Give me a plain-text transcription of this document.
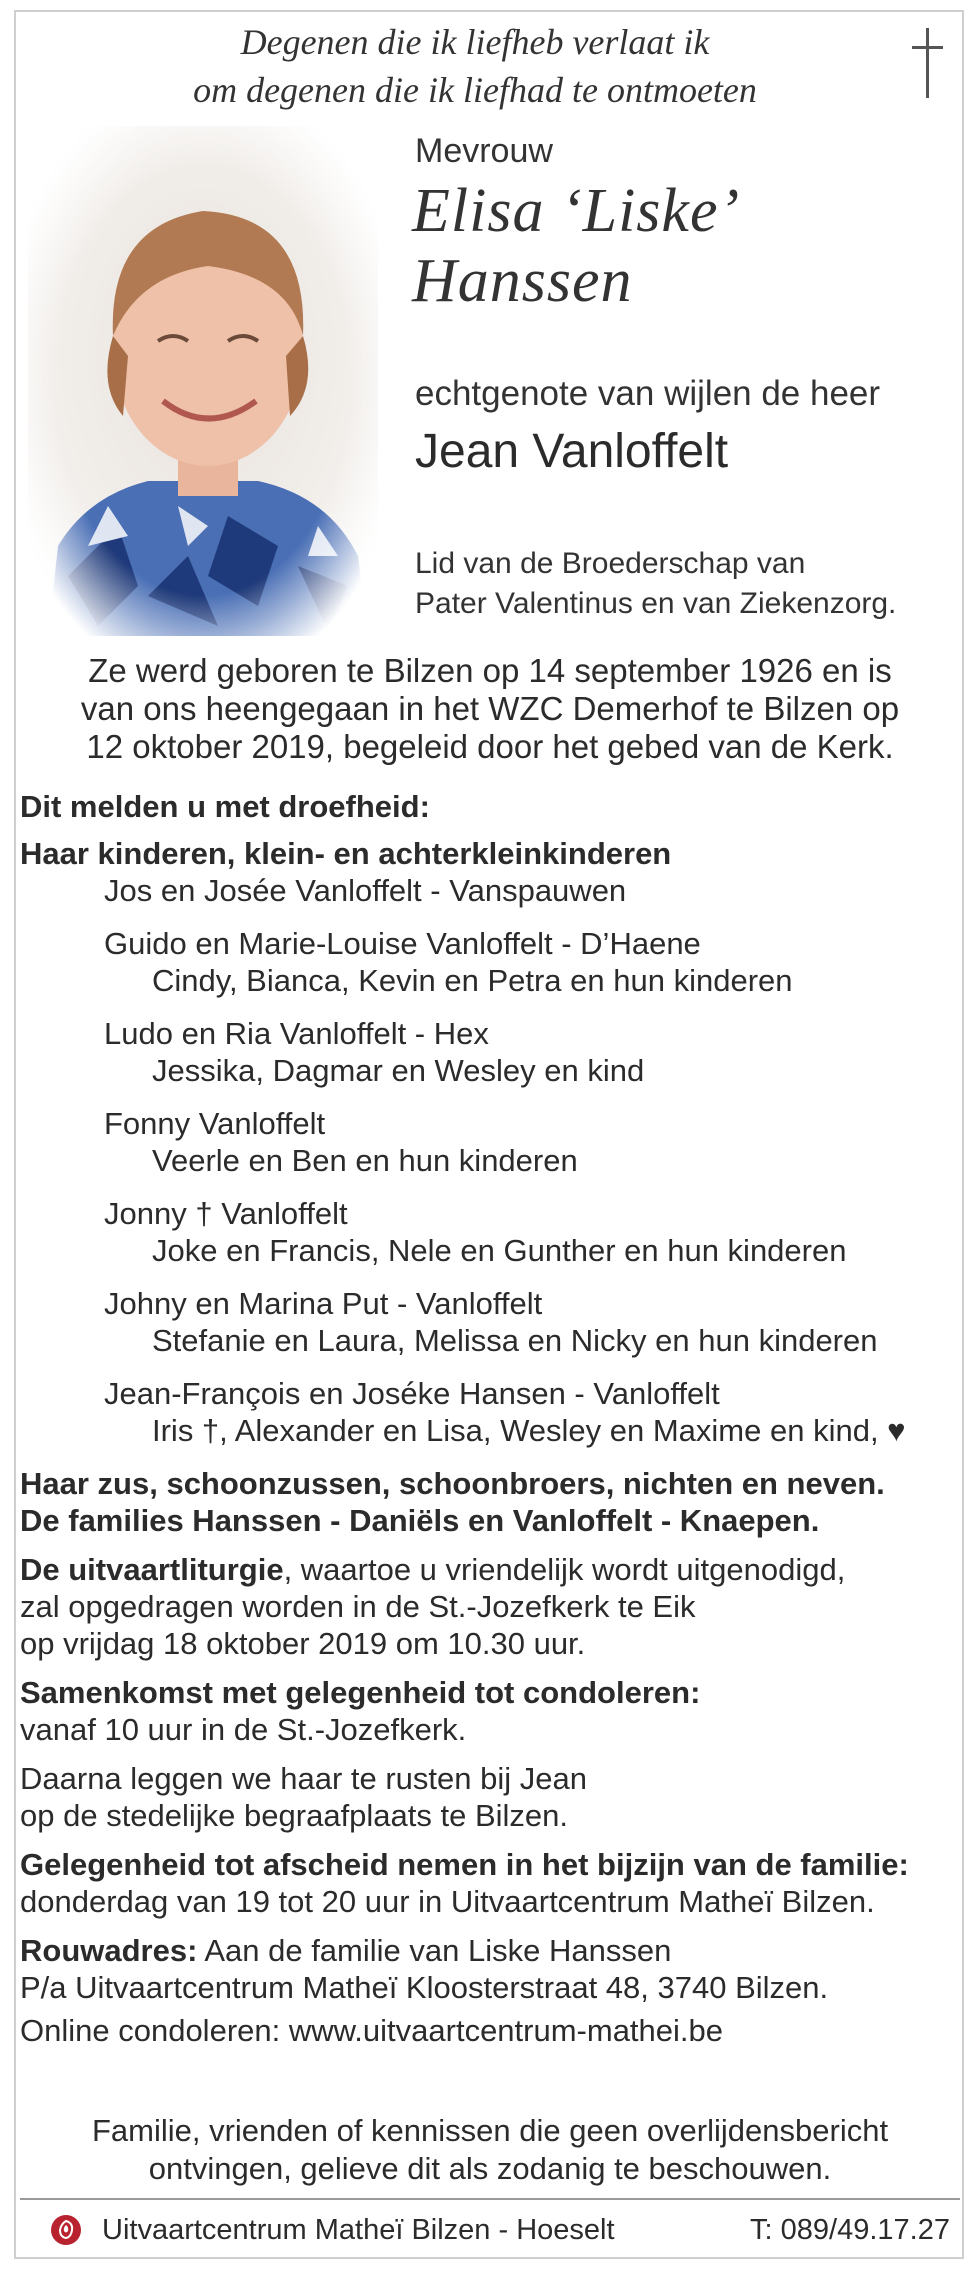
Degenen die ik liefheb verlaat ik
om degenen die ik liefhad te ontmoeten
Mevrouw
Elisa ‘Liske’
Hanssen
echtgenote van wijlen de heer
Jean Vanloffelt
Lid van de Broederschap van
Pater Valentinus en van Ziekenzorg.
Ze werd geboren te Bilzen op 14 september 1926 en is
van ons heengegaan in het WZC Demerhof te Bilzen op
12 oktober 2019, begeleid door het gebed van de Kerk.

Dit melden u met droefheid:

Haar kinderen, klein- en achterkleinkinderen

Jos en Josée Vanloffelt - Vanspauwen
Guido en Marie-Louise Vanloffelt - D’Haene
Cindy, Bianca, Kevin en Petra en hun kinderen
Ludo en Ria Vanloffelt - Hex
Jessika, Dagmar en Wesley en kind
Fonny Vanloffelt
Veerle en Ben en hun kinderen
Jonny † Vanloffelt
Joke en Francis, Nele en Gunther en hun kinderen
Johny en Marina Put - Vanloffelt
Stefanie en Laura, Melissa en Nicky en hun kinderen
Jean-François en Joséke Hansen - Vanloffelt
Iris †, Alexander en Lisa, Wesley en Maxime en kind, ♥
Haar zus, schoonzussen, schoonbroers, nichten en neven.
De families Hanssen - Daniëls en Vanloffelt - Knaepen.
De uitvaartliturgie, waartoe u vriendelijk wordt uitgenodigd,
zal opgedragen worden in de St.-Jozefkerk te Eik
op vrijdag 18 oktober 2019 om 10.30 uur.
Samenkomst met gelegenheid tot condoleren:
vanaf 10 uur in de St.-Jozefkerk.
Daarna leggen we haar te rusten bij Jean
op de stedelijke begraafplaats te Bilzen.
Gelegenheid tot afscheid nemen in het bijzijn van de familie:
donderdag van 19 tot 20 uur in Uitvaartcentrum Matheï Bilzen.
Rouwadres: Aan de familie van Liske Hanssen
P/a Uitvaartcentrum Matheï Kloosterstraat 48, 3740 Bilzen.
Online condoleren: www.uitvaartcentrum-mathei.be
Familie, vrienden of kennissen die geen overlijdensbericht
ontvingen, gelieve dit als zodanig te beschouwen.
Uitvaartcentrum Matheï Bilzen - Hoeselt	T: 089/49.17.27
